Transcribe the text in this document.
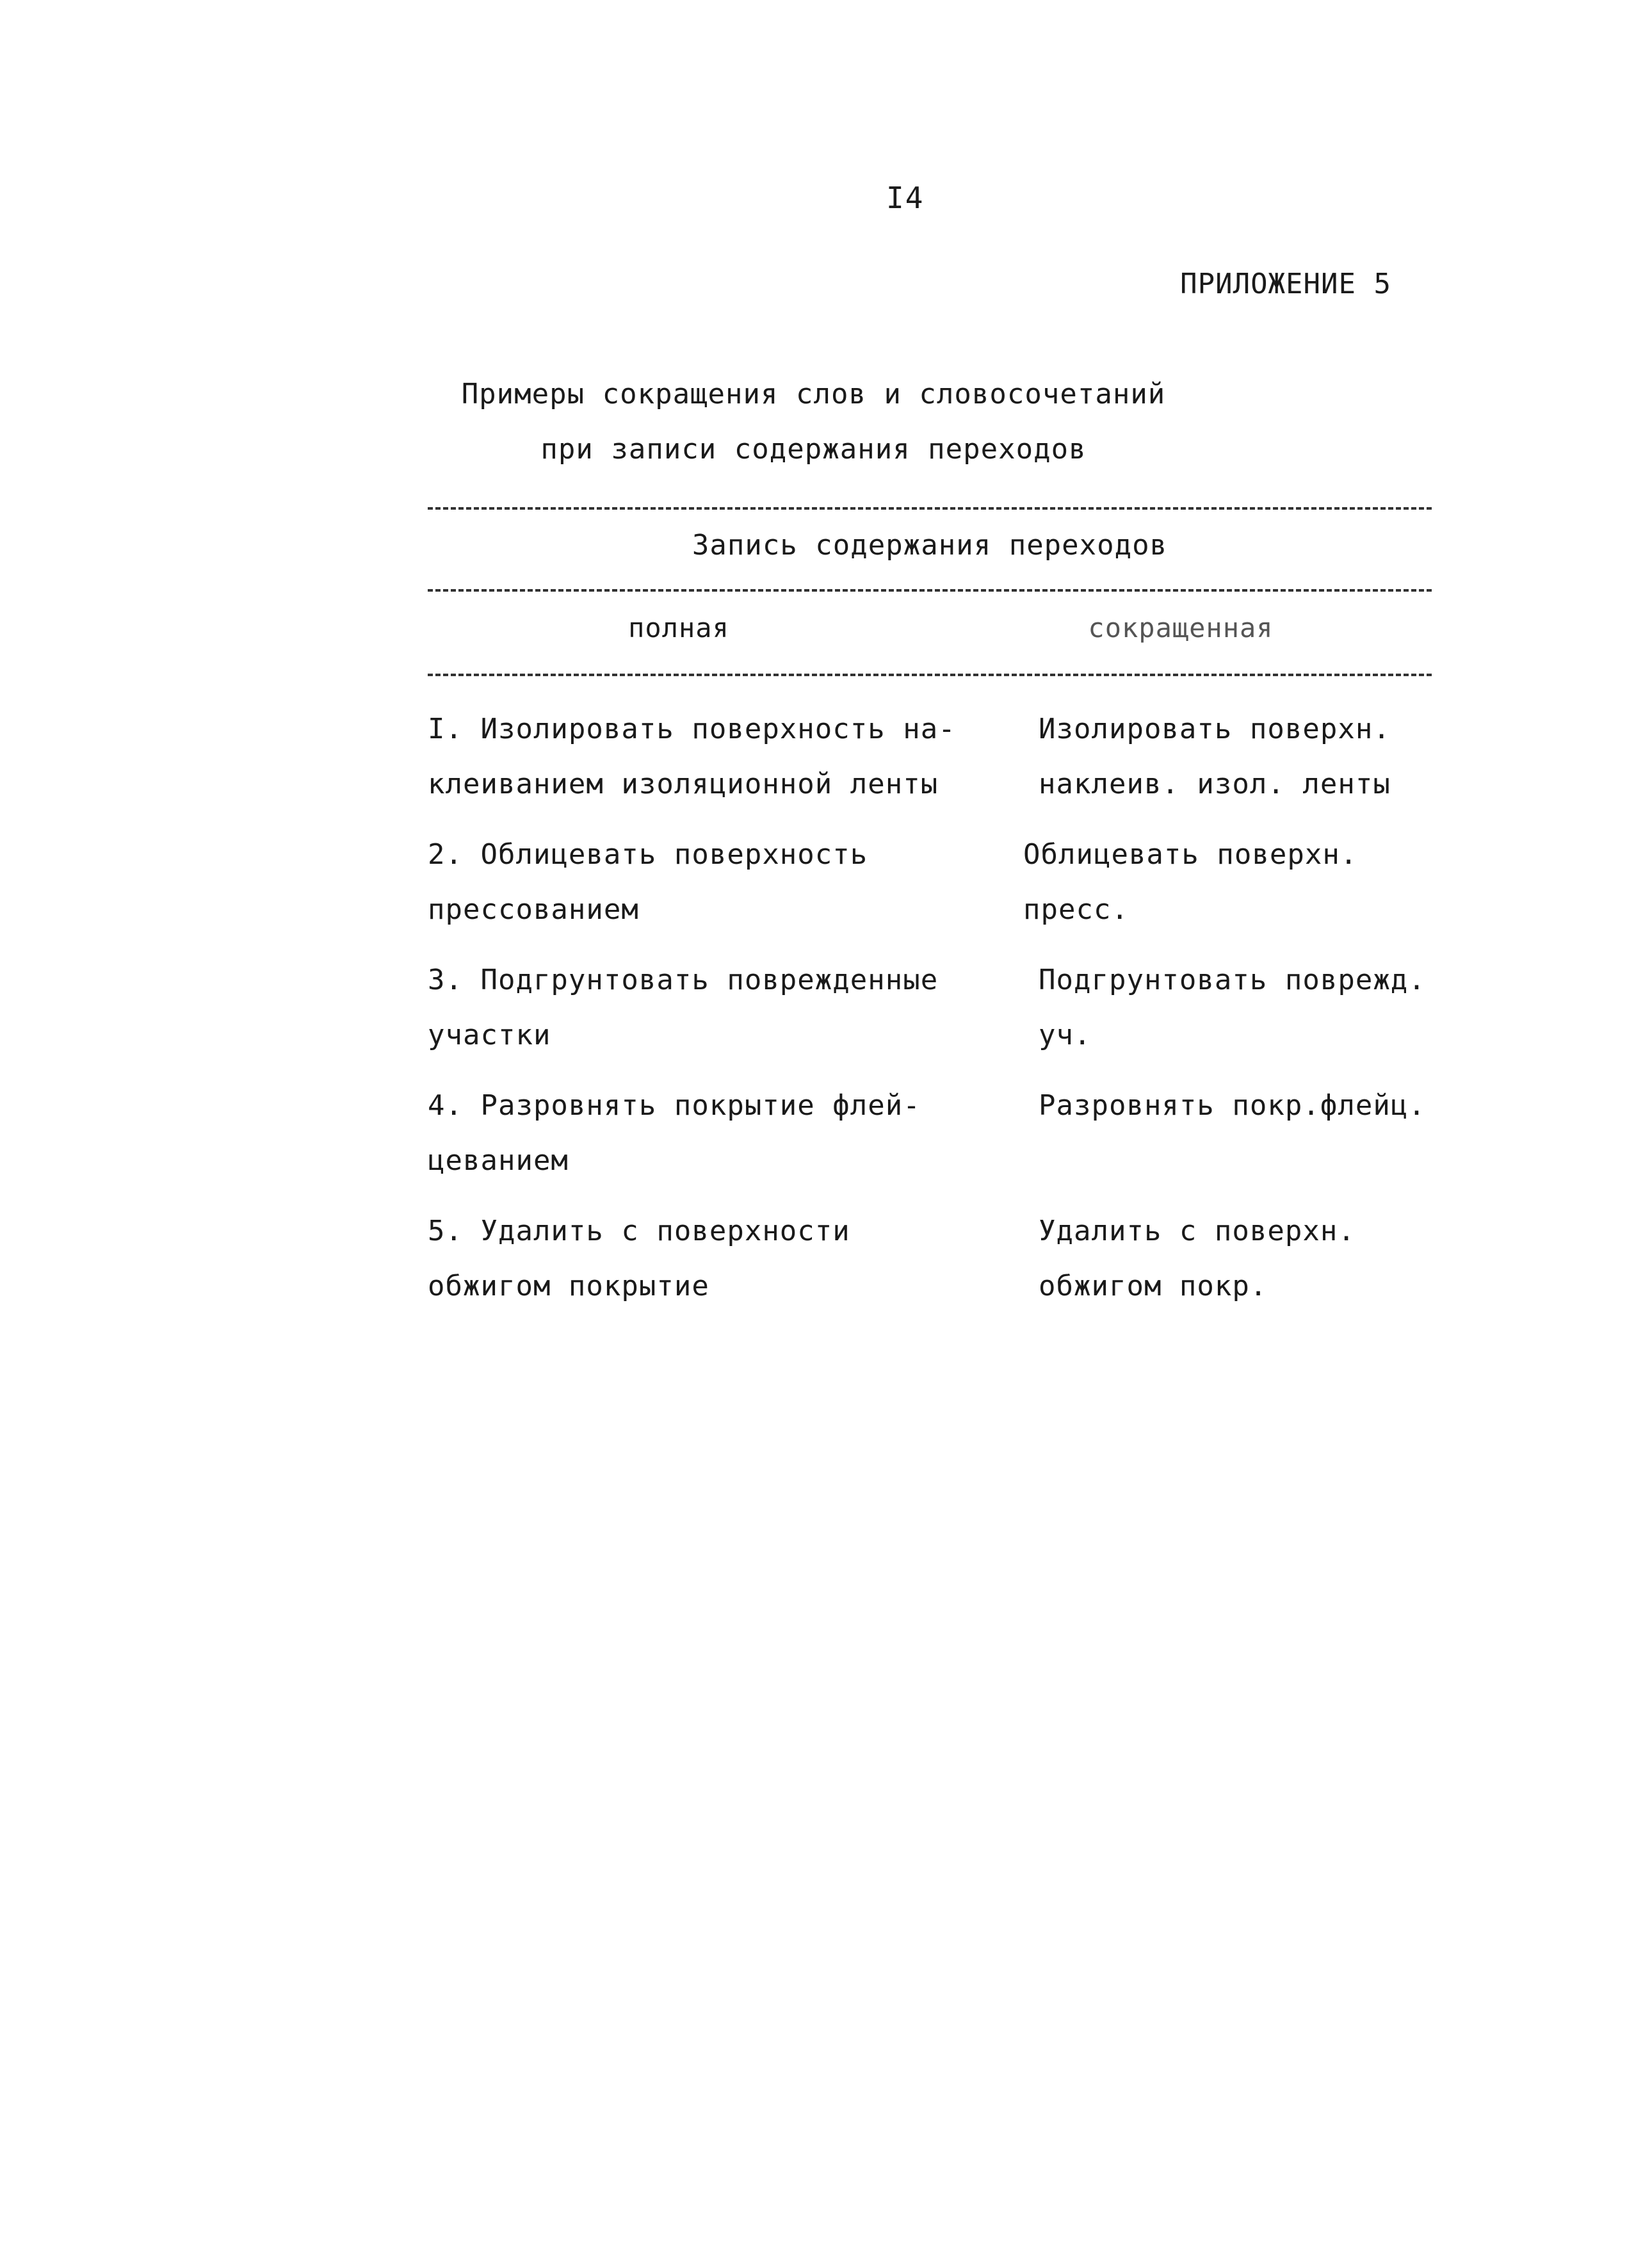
I4
ПРИЛОЖЕНИЕ 5
Примеры сокращения слов и словосочетаний
при записи содержания переходов
Запись содержания переходов
полная	сокращенная
I. Изолировать поверхность на-
клеиванием изоляционной ленты
Изолировать поверхн.
наклеив. изол. ленты
2. Облицевать поверхность
прессованием
Облицевать поверхн.
пресс.
3. Подгрунтовать поврежденные
участки
Подгрунтовать поврежд.
уч.
4. Разровнять покрытие флей-
цеванием
Разровнять покр.флейц.
5. Удалить с поверхности
обжигом покрытие
Удалить с поверхн.
обжигом покр.
